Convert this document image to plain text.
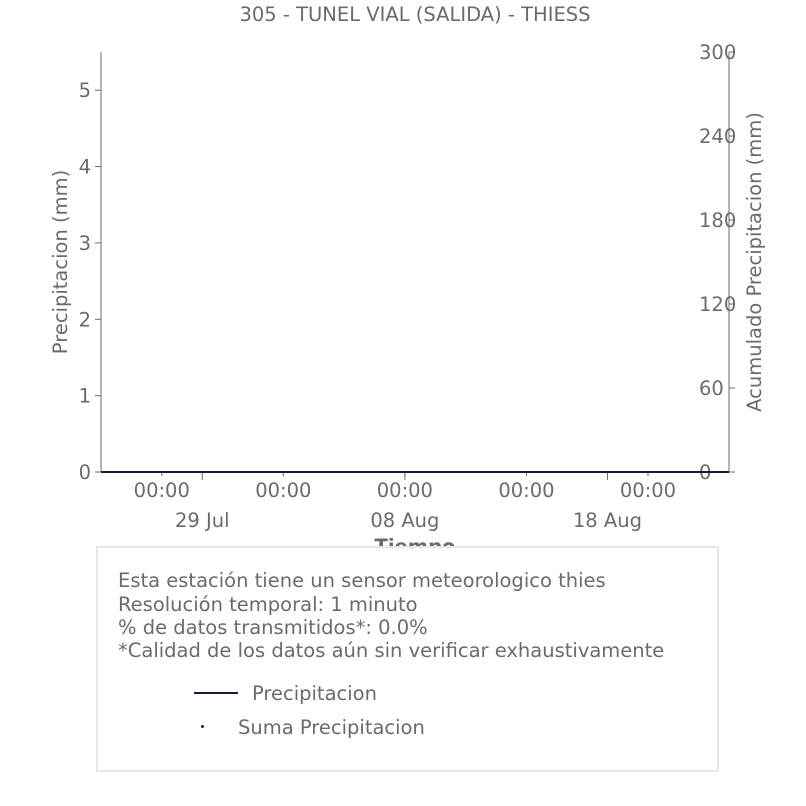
305 - TUNEL VIAL (SALIDA) - THIESS
0
1
2
3
4
5
0
60
120
180
240
300
00:00	00:00	00:00	00:00	00:00
29 Jul	08 Aug	18 Aug
Precipitacion (mm)	Acumulado Precipitacion (mm)
Esta estación tiene un sensor meteorologico thies
Resolución temporal: 1 minuto
% de datos transmitidos*: 0.0%
*Calidad de los datos aún sin verificar exhaustivamente
Precipitacion
Suma Precipitacion
